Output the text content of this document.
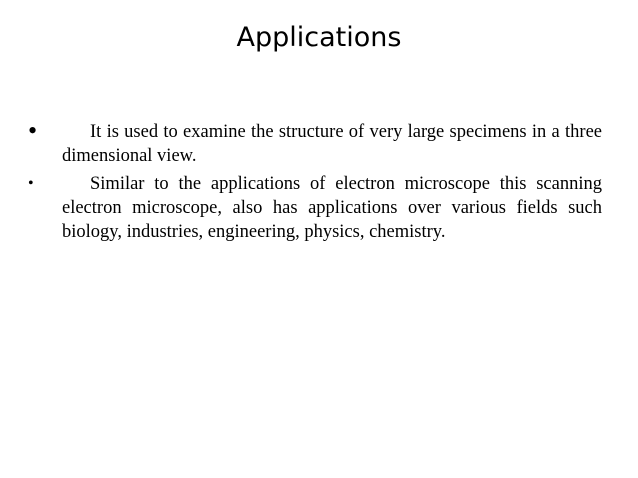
Applications
•	It is used to examine the structure of very large specimens in a three dimensional view.
•	Similar to the applications of electron microscope this scanning electron microscope, also has applications over various fields such biology, industries, engineering, physics, chemistry.
